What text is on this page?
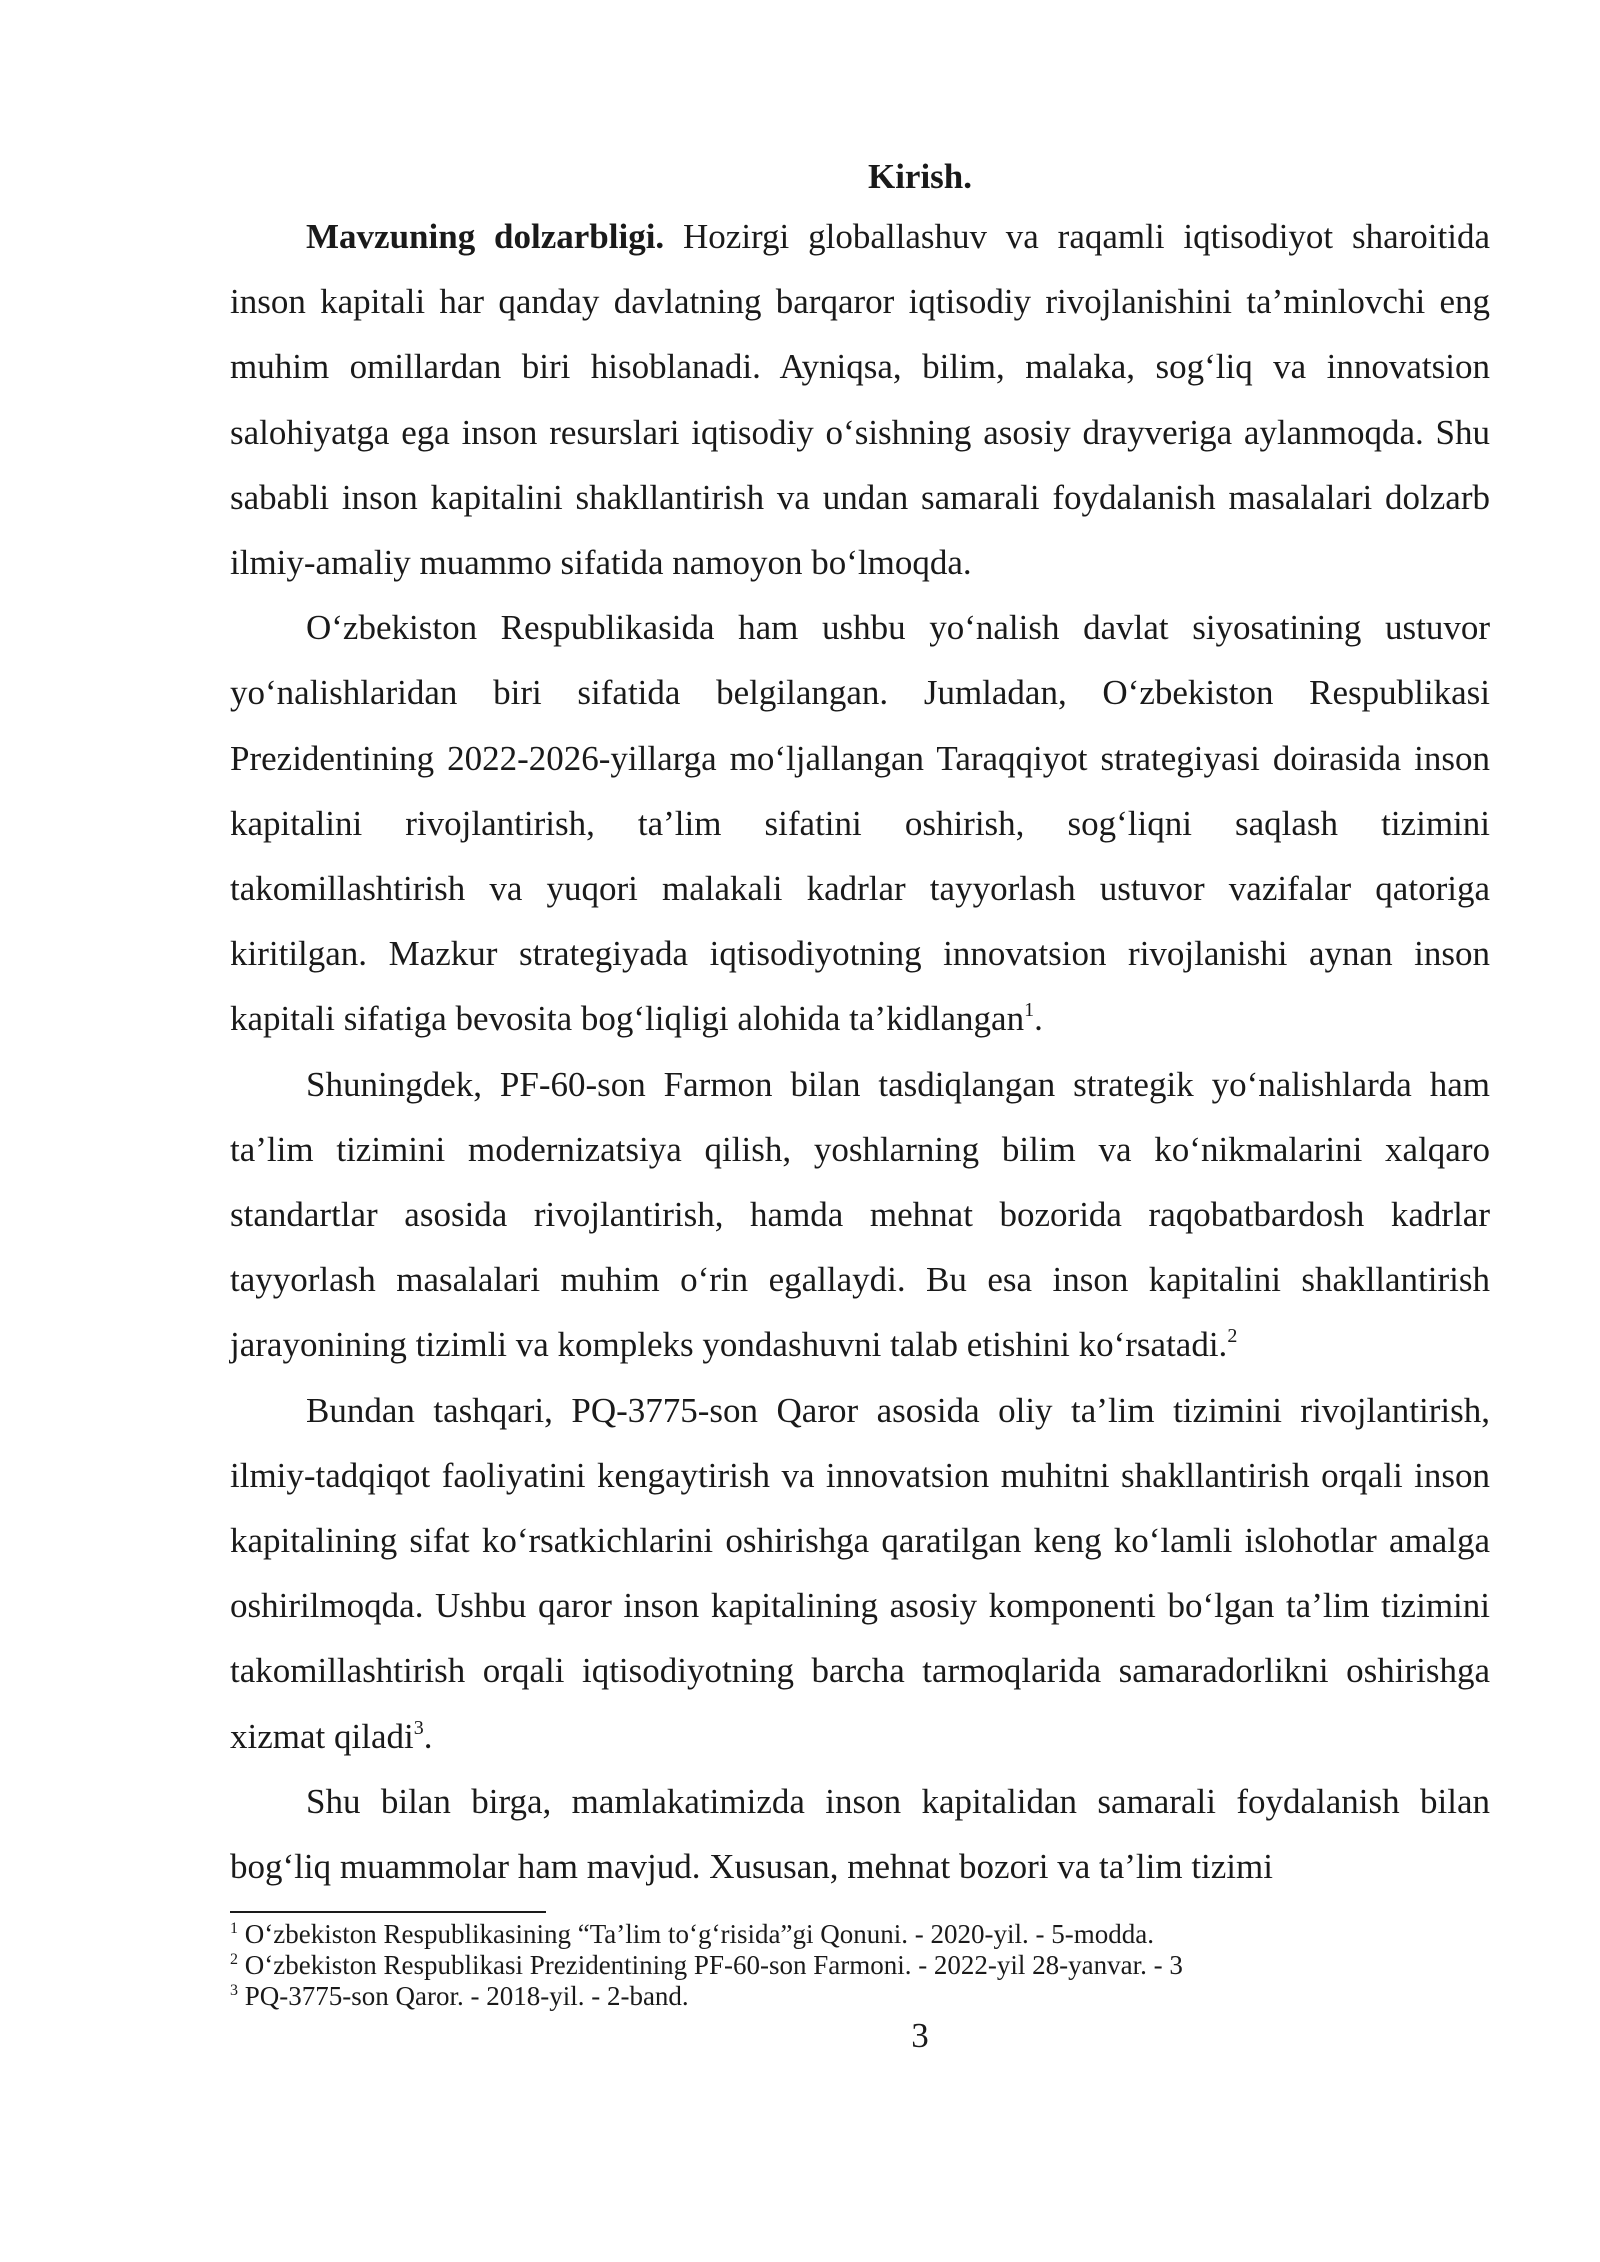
Kirish.

Mavzuning dolzarbligi. Hozirgi globallashuv va raqamli iqtisodiyot sharoitida inson kapitali har qanday davlatning barqaror iqtisodiy rivojlanishini ta’minlovchi eng muhim omillardan biri hisoblanadi. Ayniqsa, bilim, malaka, sog‘liq va innovatsion salohiyatga ega inson resurslari iqtisodiy o‘sishning asosiy drayveriga aylanmoqda. Shu sababli inson kapitalini shakllantirish va undan samarali foydalanish masalalari dolzarb ilmiy-amaliy muammo sifatida namoyon bo‘lmoqda.

O‘zbekiston Respublikasida ham ushbu yo‘nalish davlat siyosatining ustuvor yo‘nalishlaridan biri sifatida belgilangan. Jumladan, O‘zbekiston Respublikasi Prezidentining 2022-2026-yillarga mo‘ljallangan Taraqqiyot strategiyasi doirasida inson kapitalini rivojlantirish, ta’lim sifatini oshirish, sog‘liqni saqlash tizimini takomillashtirish va yuqori malakali kadrlar tayyorlash ustuvor vazifalar qatoriga kiritilgan. Mazkur strategiyada iqtisodiyotning innovatsion rivojlanishi aynan inson kapitali sifatiga bevosita bog‘liqligi alohida ta’kidlangan$^1$.

Shuningdek, PF-60-son Farmon bilan tasdiqlangan strategik yo‘nalishlarda ham ta’lim tizimini modernizatsiya qilish, yoshlarning bilim va ko‘nikmalarini xalqaro standartlar asosida rivojlantirish, hamda mehnat bozorida raqobatbardosh kadrlar tayyorlash masalalari muhim o‘rin egallaydi. Bu esa inson kapitalini shakllantirish jarayonining tizimli va kompleks yondashuvni talab etishini ko‘rsatadi.$^2$

Bundan tashqari, PQ-3775-son Qaror asosida oliy ta’lim tizimini rivojlantirish, ilmiy-tadqiqot faoliyatini kengaytirish va innovatsion muhitni shakllantirish orqali inson kapitalining sifat ko‘rsatkichlarini oshirishga qaratilgan keng ko‘lamli islohotlar amalga oshirilmoqda. Ushbu qaror inson kapitalining asosiy komponenti bo‘lgan ta’lim tizimini takomillashtirish orqali iqtisodiyotning barcha tarmoqlarida samaradorlikni oshirishga xizmat qiladi$^3$.

Shu bilan birga, mamlakatimizda inson kapitalidan samarali foydalanish bilan bog‘liq muammolar ham mavjud. Xususan, mehnat bozori va ta’lim tizimi

$^1$ O‘zbekiston Respublikasining “Ta’lim to‘g‘risida”gi Qonuni. - 2020-yil. - 5-modda.

$^2$ O‘zbekiston Respublikasi Prezidentining PF-60-son Farmoni. - 2022-yil 28-yanvar. - 3

$^3$ PQ-3775-son Qaror. - 2018-yil. - 2-band.

3
